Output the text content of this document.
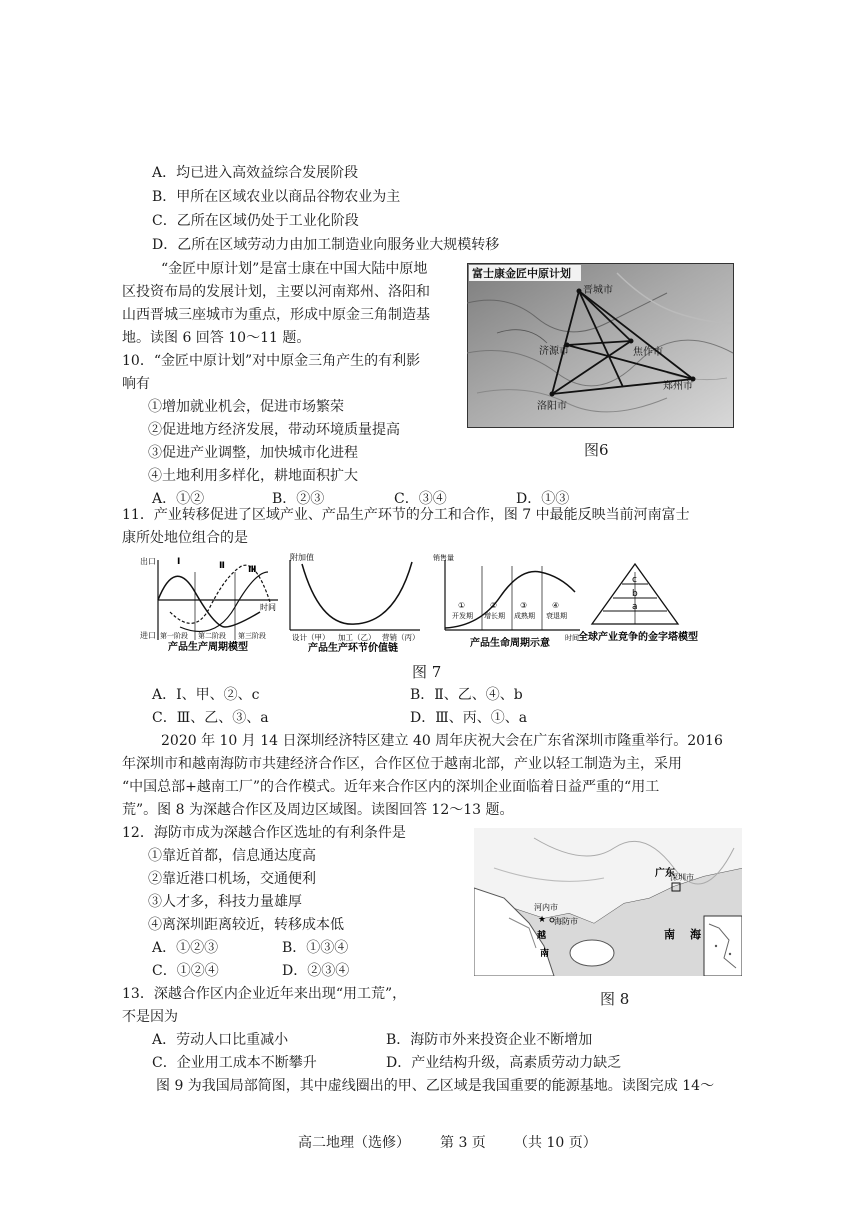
A．均已进入高效益综合发展阶段
B．甲所在区域农业以商品谷物农业为主
C．乙所在区域仍处于工业化阶段
D．乙所在区域劳动力由加工制造业向服务业大规模转移
“金匠中原计划”是富士康在中国大陆中原地
区投资布局的发展计划，主要以河南郑州、洛阳和
山西晋城三座城市为重点，形成中原金三角制造基
地。读图 6 回答 10～11 题。
10．“金匠中原计划”对中原金三角产生的有利影
响有
①增加就业机会，促进市场繁荣
②促进地方经济发展，带动环境质量提高
③促进产业调整，加快城市化进程
④土地利用多样化，耕地面积扩大
A．①②	B．②③	C．③④	D．①③
富士康金匠中原计划
晋城市
焦作市
济源市
郑州市
洛阳市
图6
11．产业转移促进了区域产业、产品生产环节的分工和合作，图 7 中最能反映当前河南富士
康所处地位组合的是
出口
进口
时间
Ⅰ	Ⅱ	Ⅲ
第一阶段 第二阶段 第三阶段
产品生产周期模型
附加值
设计（甲） 加工（乙） 营销（丙）
产品生产环节价值链
销售量
时间
①
开发期
②
增长期
③
成熟期
④
衰退期
产品生命周期示意
c
b
a
全球产业竞争的金字塔模型
图 7
A．Ⅰ、甲、②、c	B．Ⅱ、乙、④、b
C．Ⅲ、乙、③、a	D．Ⅲ、丙、①、a
2020 年 10 月 14 日深圳经济特区建立 40 周年庆祝大会在广东省深圳市隆重举行。2016
年深圳市和越南海防市共建经济合作区，合作区位于越南北部，产业以轻工制造为主，采用
“中国总部+越南工厂”的合作模式。近年来合作区内的深圳企业面临着日益严重的“用工
荒”。图 8 为深越合作区及周边区域图。读图回答 12～13 题。
12．海防市成为深越合作区选址的有利条件是
①靠近首都，信息通达度高
②靠近港口机场，交通便利
③人才多，科技力量雄厚
④离深圳距离较近，转移成本低
A．①②③	B．①③④
C．①②④	D．②③④
广东
深圳市
河内市
★ 海防市
越
南
南 海
图 8
13．深越合作区内企业近年来出现“用工荒”，
不是因为
A．劳动人口比重减小	B．海防市外来投资企业不断增加
C．企业用工成本不断攀升	D．产业结构升级，高素质劳动力缺乏
图 9 为我国局部简图，其中虚线圈出的甲、乙区域是我国重要的能源基地。读图完成 14～
高二地理（选修） 第 3 页 （共 10 页）
